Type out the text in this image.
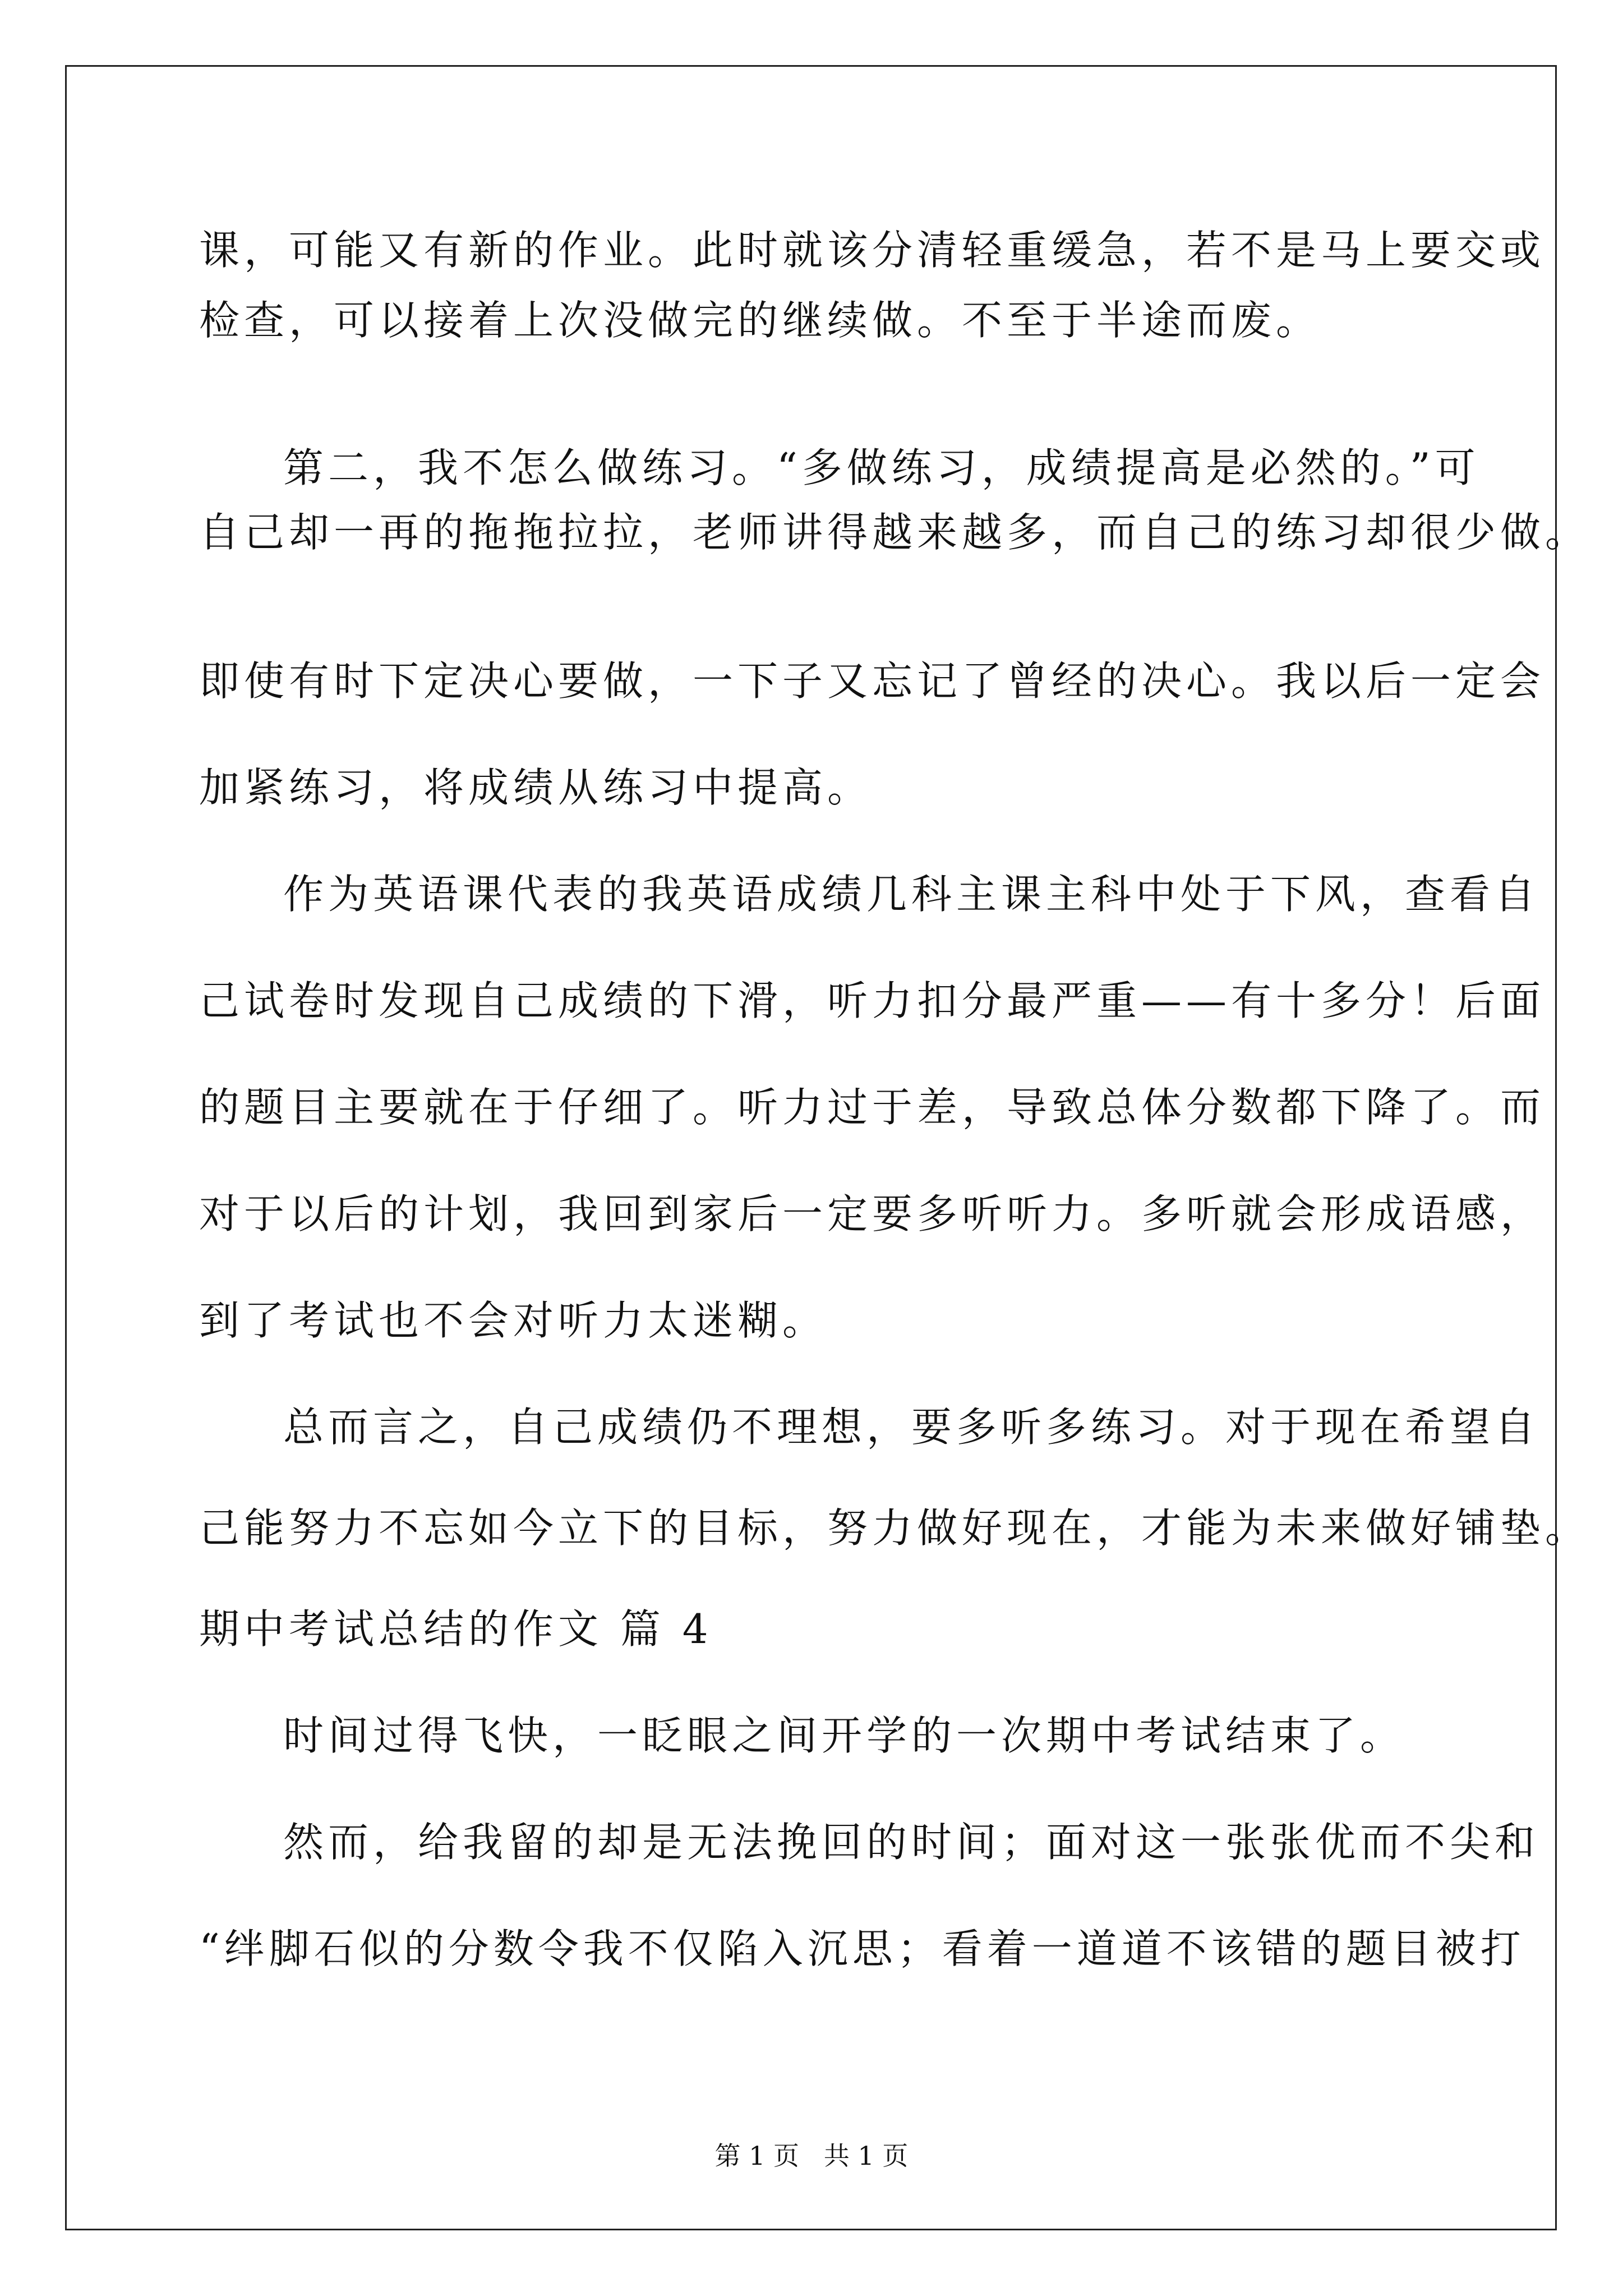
课，可能又有新的作业。此时就该分清轻重缓急，若不是马上要交或
检查，可以接着上次没做完的继续做。不至于半途而废。
第二，我不怎么做练习。“多做练习，成绩提高是必然的。”可
自己却一再的拖拖拉拉，老师讲得越来越多，而自己的练习却很少做。
即使有时下定决心要做，一下子又忘记了曾经的决心。我以后一定会
加紧练习，将成绩从练习中提高。
作为英语课代表的我英语成绩几科主课主科中处于下风，查看自
己试卷时发现自己成绩的下滑，听力扣分最严重——有十多分！后面
的题目主要就在于仔细了。听力过于差，导致总体分数都下降了。而
对于以后的计划，我回到家后一定要多听听力。多听就会形成语感，
到了考试也不会对听力太迷糊。
总而言之，自己成绩仍不理想，要多听多练习。对于现在希望自
己能努力不忘如今立下的目标，努力做好现在，才能为未来做好铺垫。
期中考试总结的作文 篇 4
时间过得飞快，一眨眼之间开学的一次期中考试结束了。
然而，给我留的却是无法挽回的时间；面对这一张张优而不尖和
“绊脚石似的分数令我不仅陷入沉思；看着一道道不该错的题目被打
第 1 页   共 1 页
